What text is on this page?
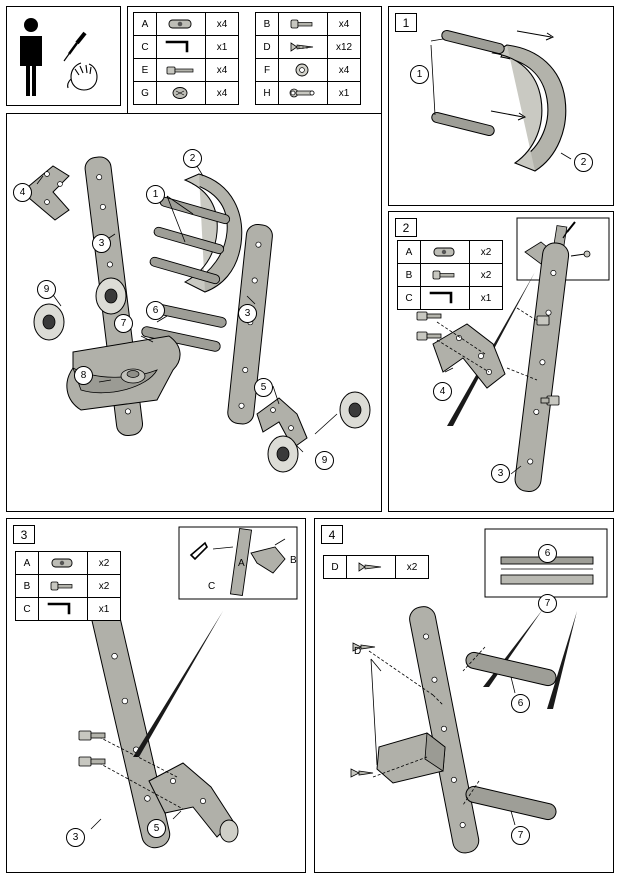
A		x4
C		x1
E		x4
G		x4
B		x4
D		x12
F		x4
H		x1
1
1
2
4
3
9
1
2
6
7
3
8
5
9
2
A		x2
B		x2
C		x1
4
3
3
A		x2
B		x2
C		x1
A	B
C
3
5
4
D		x2
6
7
6
7
D
